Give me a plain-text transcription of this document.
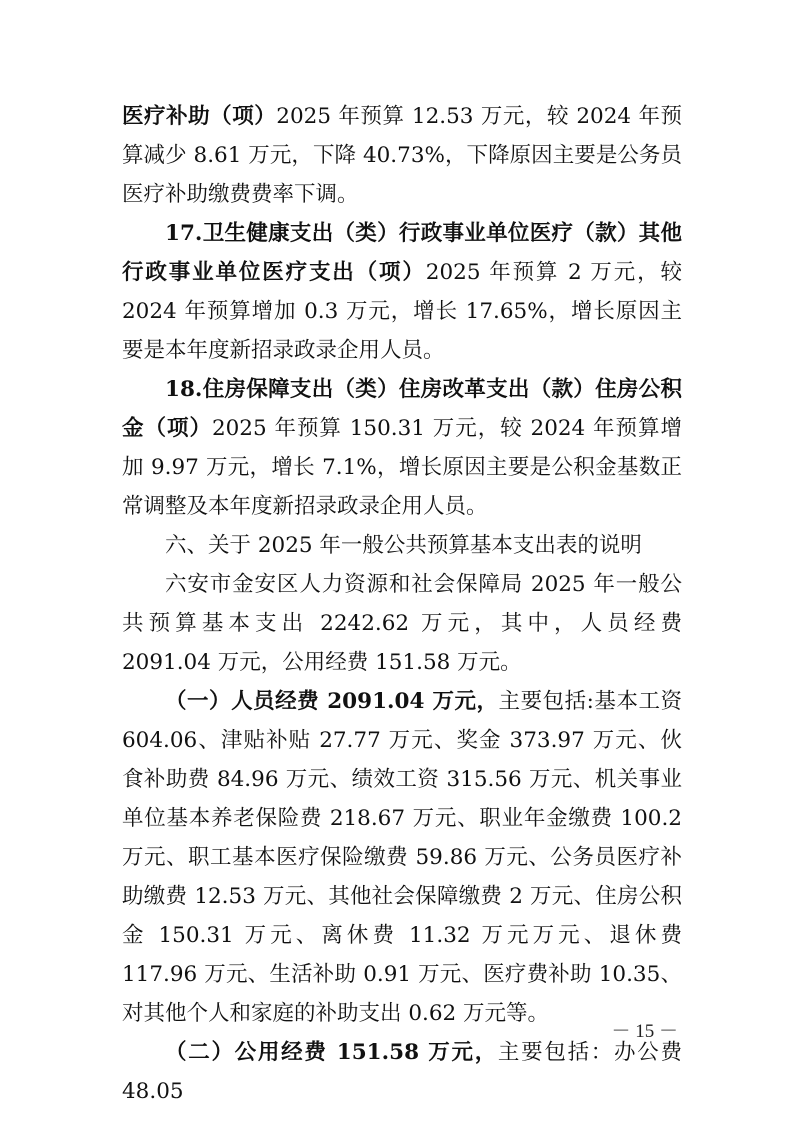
医疗补助（项）2025 年预算 12.53 万元，较 2024 年预算减少 8.61 万元，下降 40.73%，下降原因主要是公务员医疗补助缴费费率下调。

17.卫生健康支出（类）行政事业单位医疗（款）其他行政事业单位医疗支出（项）2025 年预算 2 万元，较 2024 年预算增加 0.3 万元，增长 17.65%，增长原因主要是本年度新招录政录企用人员。

18.住房保障支出（类）住房改革支出（款）住房公积金（项）2025 年预算 150.31 万元，较 2024 年预算增加 9.97 万元，增长 7.1%，增长原因主要是公积金基数正常调整及本年度新招录政录企用人员。

六、关于 2025 年一般公共预算基本支出表的说明

六安市金安区人力资源和社会保障局 2025 年一般公共预算基本支出 2242.62 万元，其中，人员经费 2091.04 万元，公用经费 151.58 万元。

（一）人员经费 2091.04 万元，主要包括:基本工资 604.06、津贴补贴 27.77 万元、奖金 373.97 万元、伙食补助费 84.96 万元、绩效工资 315.56 万元、机关事业单位基本养老保险费 218.67 万元、职业年金缴费 100.2 万元、职工基本医疗保险缴费 59.86 万元、公务员医疗补助缴费 12.53 万元、其他社会保障缴费 2 万元、住房公积金 150.31 万元、离休费 11.32 万元万元、退休费 117.96 万元、生活补助 0.91 万元、医疗费补助 10.35、对其他个人和家庭的补助支出 0.62 万元等。

（二）公用经费 151.58 万元，主要包括：办公费 48.05

－ 15 －
